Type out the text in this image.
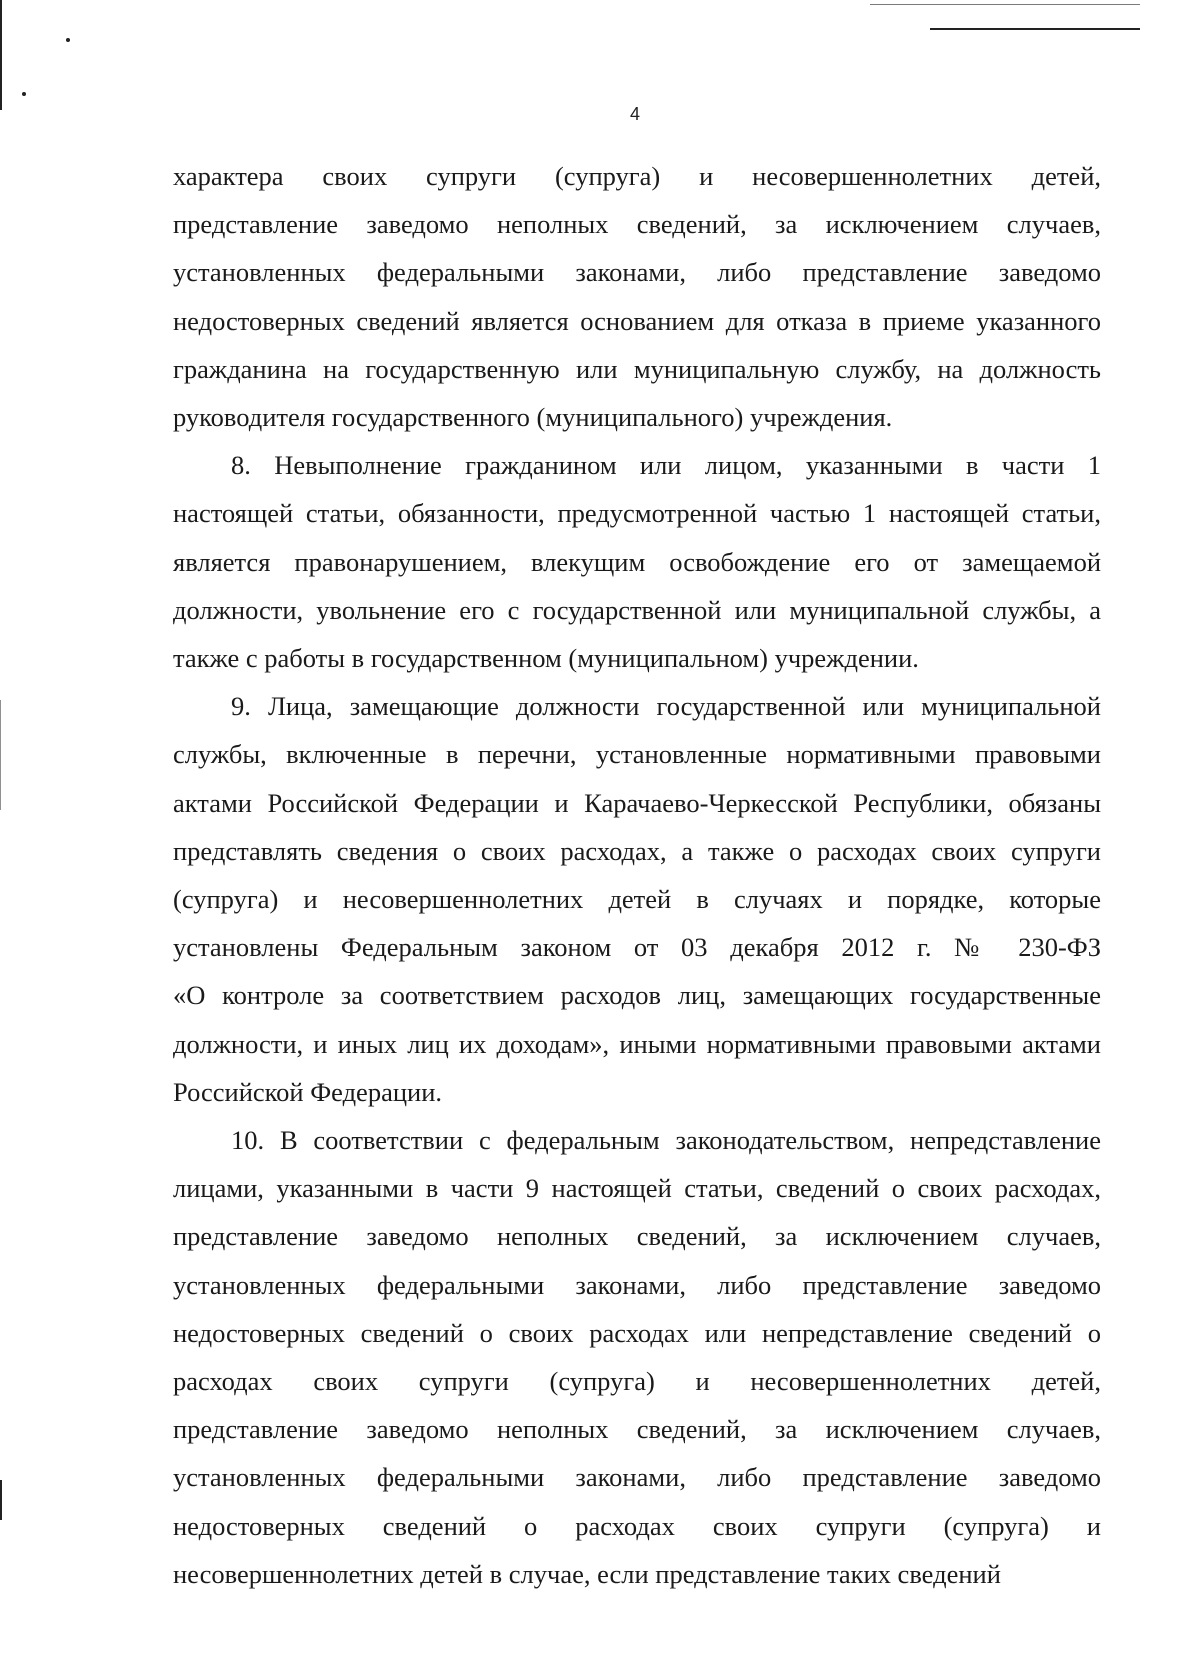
4

характера своих супруги (супруга) и несовершеннолетних детей,
представление заведомо неполных сведений, за исключением случаев,
установленных федеральными законами, либо представление заведомо
недостоверных сведений является основанием для отказа в приеме указанного
гражданина на государственную или муниципальную службу, на должность
руководителя государственного (муниципального) учреждения.

8. Невыполнение гражданином или лицом, указанными в части 1
настоящей статьи, обязанности, предусмотренной частью 1 настоящей статьи,
является правонарушением, влекущим освобождение его от замещаемой
должности, увольнение его с государственной или муниципальной службы, а
также с работы в государственном (муниципальном) учреждении.

9. Лица, замещающие должности государственной или муниципальной
службы, включенные в перечни, установленные нормативными правовыми
актами Российской Федерации и Карачаево-Черкесской Республики, обязаны
представлять сведения о своих расходах, а также о расходах своих супруги
(супруга) и несовершеннолетних детей в случаях и порядке, которые
установлены Федеральным законом от 03 декабря 2012 г. № 230-ФЗ
«О контроле за соответствием расходов лиц, замещающих государственные
должности, и иных лиц их доходам», иными нормативными правовыми актами
Российской Федерации.

10. В соответствии с федеральным законодательством, непредставление
лицами, указанными в части 9 настоящей статьи, сведений о своих расходах,
представление заведомо неполных сведений, за исключением случаев,
установленных федеральными законами, либо представление заведомо
недостоверных сведений о своих расходах или непредставление сведений о
расходах своих супруги (супруга) и несовершеннолетних детей,
представление заведомо неполных сведений, за исключением случаев,
установленных федеральными законами, либо представление заведомо
недостоверных сведений о расходах своих супруги (супруга) и
несовершеннолетних детей в случае, если представление таких сведений
